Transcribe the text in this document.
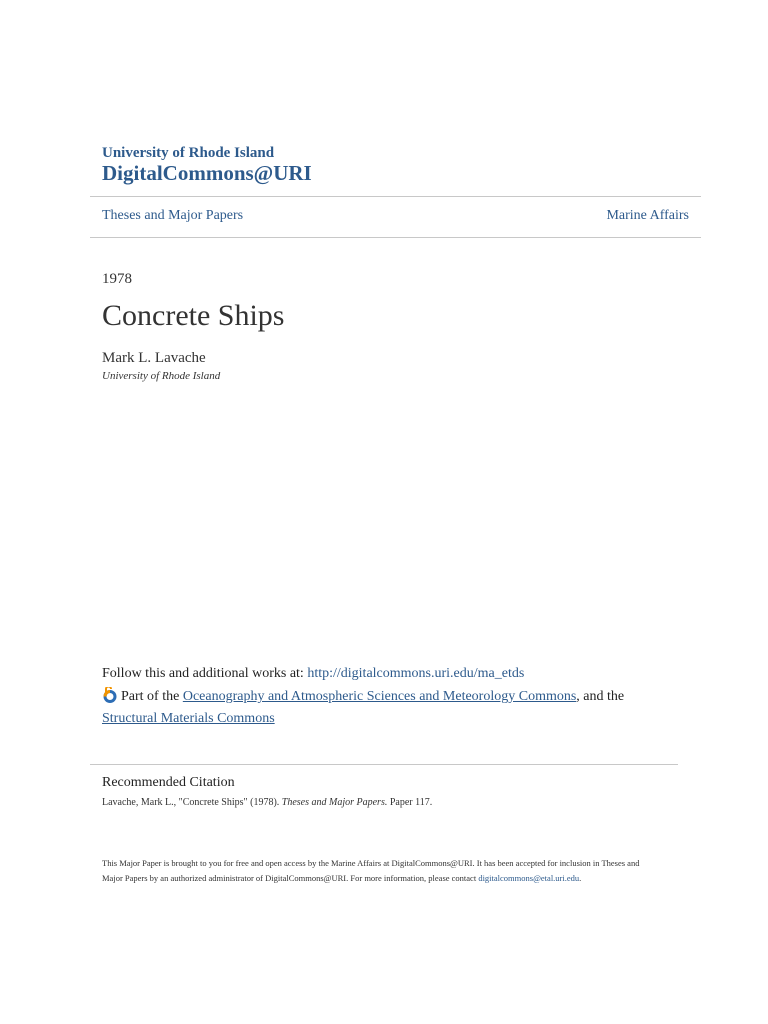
University of Rhode Island
DigitalCommons@URI
Theses and Major Papers	Marine Affairs
1978
Concrete Ships
Mark L. Lavache
University of Rhode Island
Follow this and additional works at: http://digitalcommons.uri.edu/ma_etds
Part of the Oceanography and Atmospheric Sciences and Meteorology Commons, and the
Structural Materials Commons
Recommended Citation
Lavache, Mark L., "Concrete Ships" (1978). Theses and Major Papers. Paper 117.
This Major Paper is brought to you for free and open access by the Marine Affairs at DigitalCommons@URI. It has been accepted for inclusion in Theses and Major Papers by an authorized administrator of DigitalCommons@URI. For more information, please contact digitalcommons@etal.uri.edu.
